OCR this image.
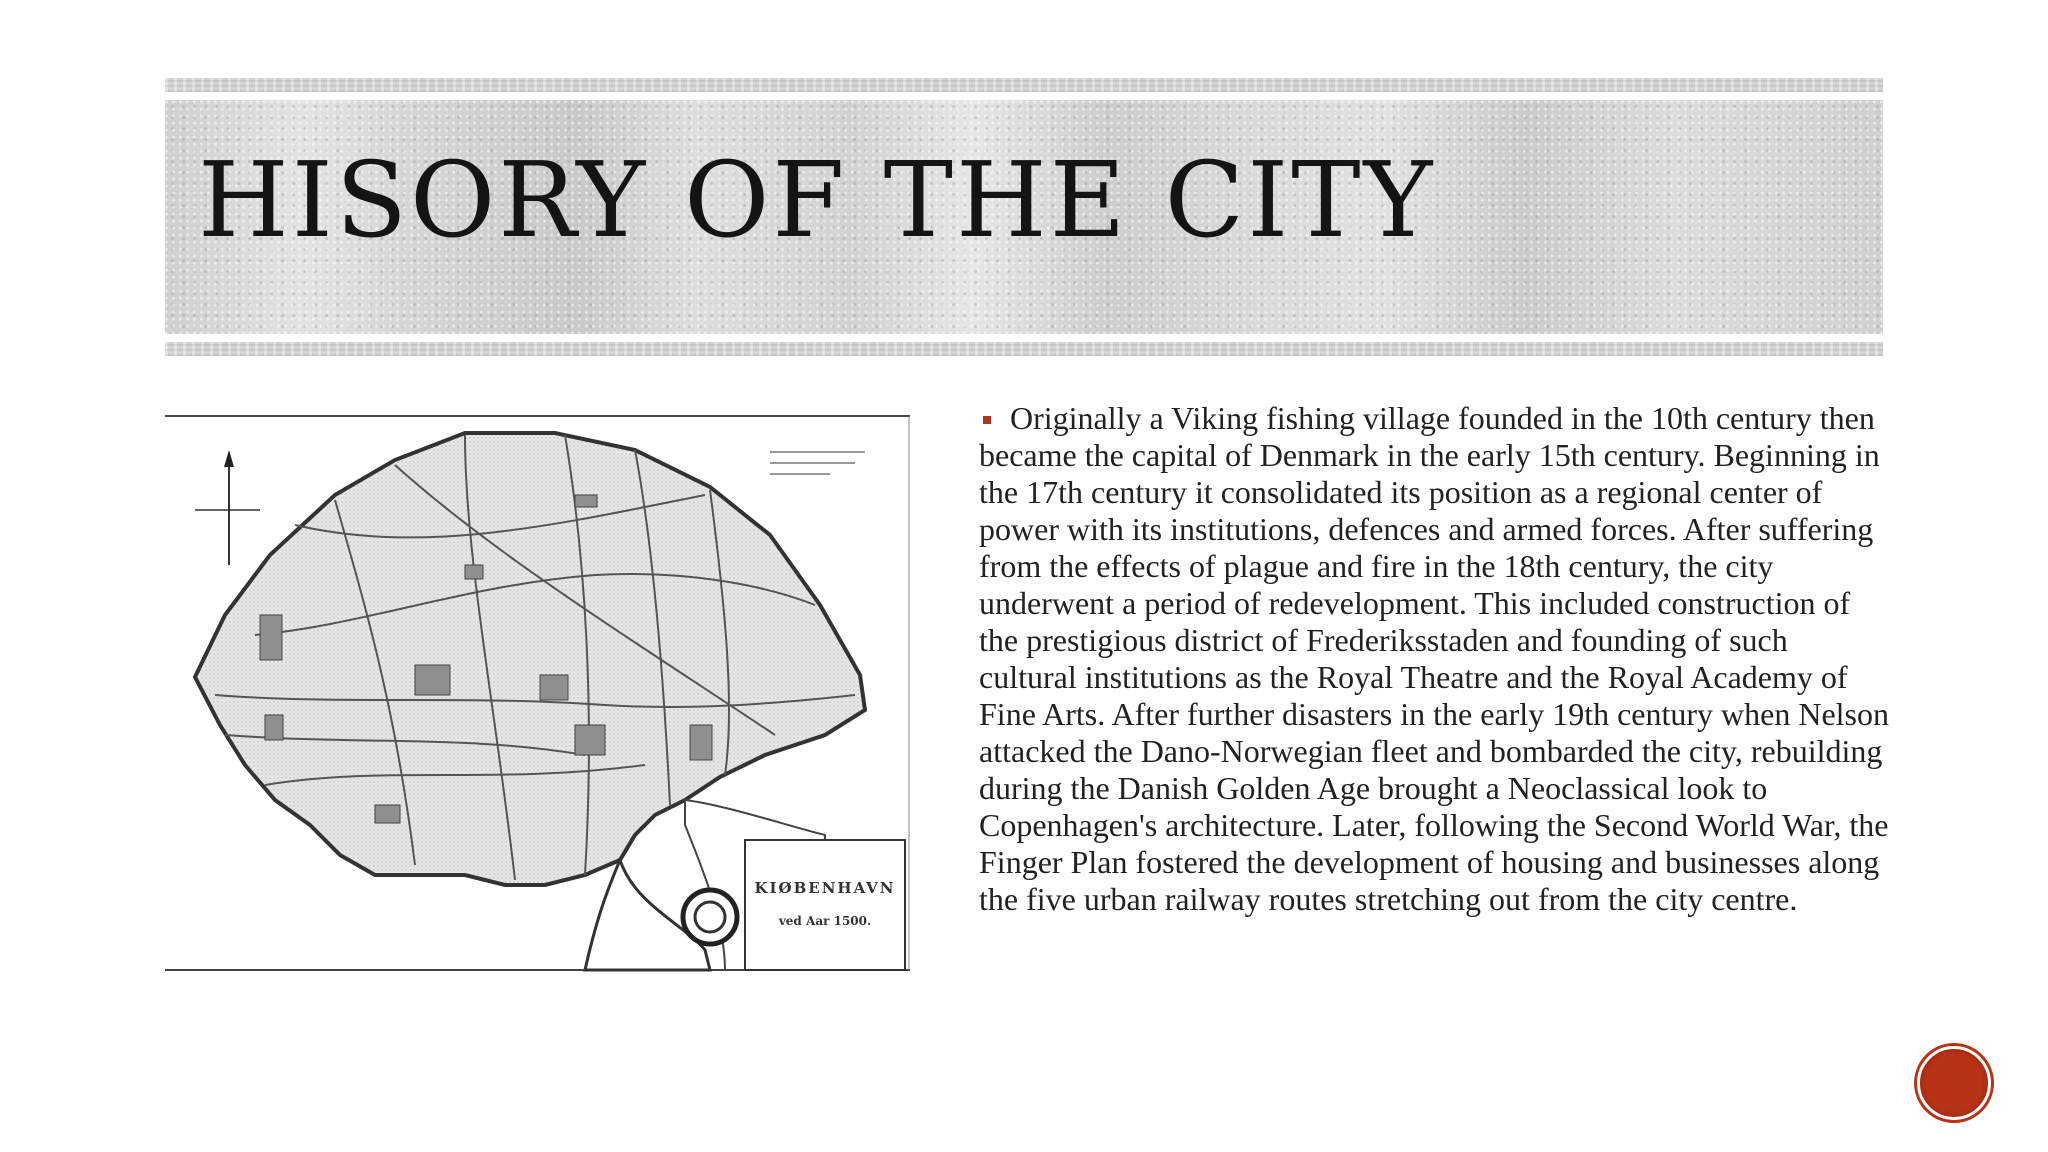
HISORY OF THE CITY
KIØBENHAVN
ved Aar 1500.
Originally a Viking fishing village founded in the 10th century then became the capital of Denmark in the early 15th century. Beginning in the 17th century it consolidated its position as a regional center of power with its institutions, defences and armed forces. After suffering from the effects of plague and fire in the 18th century, the city underwent a period of redevelopment. This included construction of the prestigious district of Frederiksstaden and founding of such cultural institutions as the Royal Theatre and the Royal Academy of Fine Arts. After further disasters in the early 19th century when Nelson attacked the Dano-Norwegian fleet and bombarded the city, rebuilding during the Danish Golden Age brought a Neoclassical look to Copenhagen's architecture. Later, following the Second World War, the Finger Plan fostered the development of housing and businesses along the five urban railway routes stretching out from the city centre.
